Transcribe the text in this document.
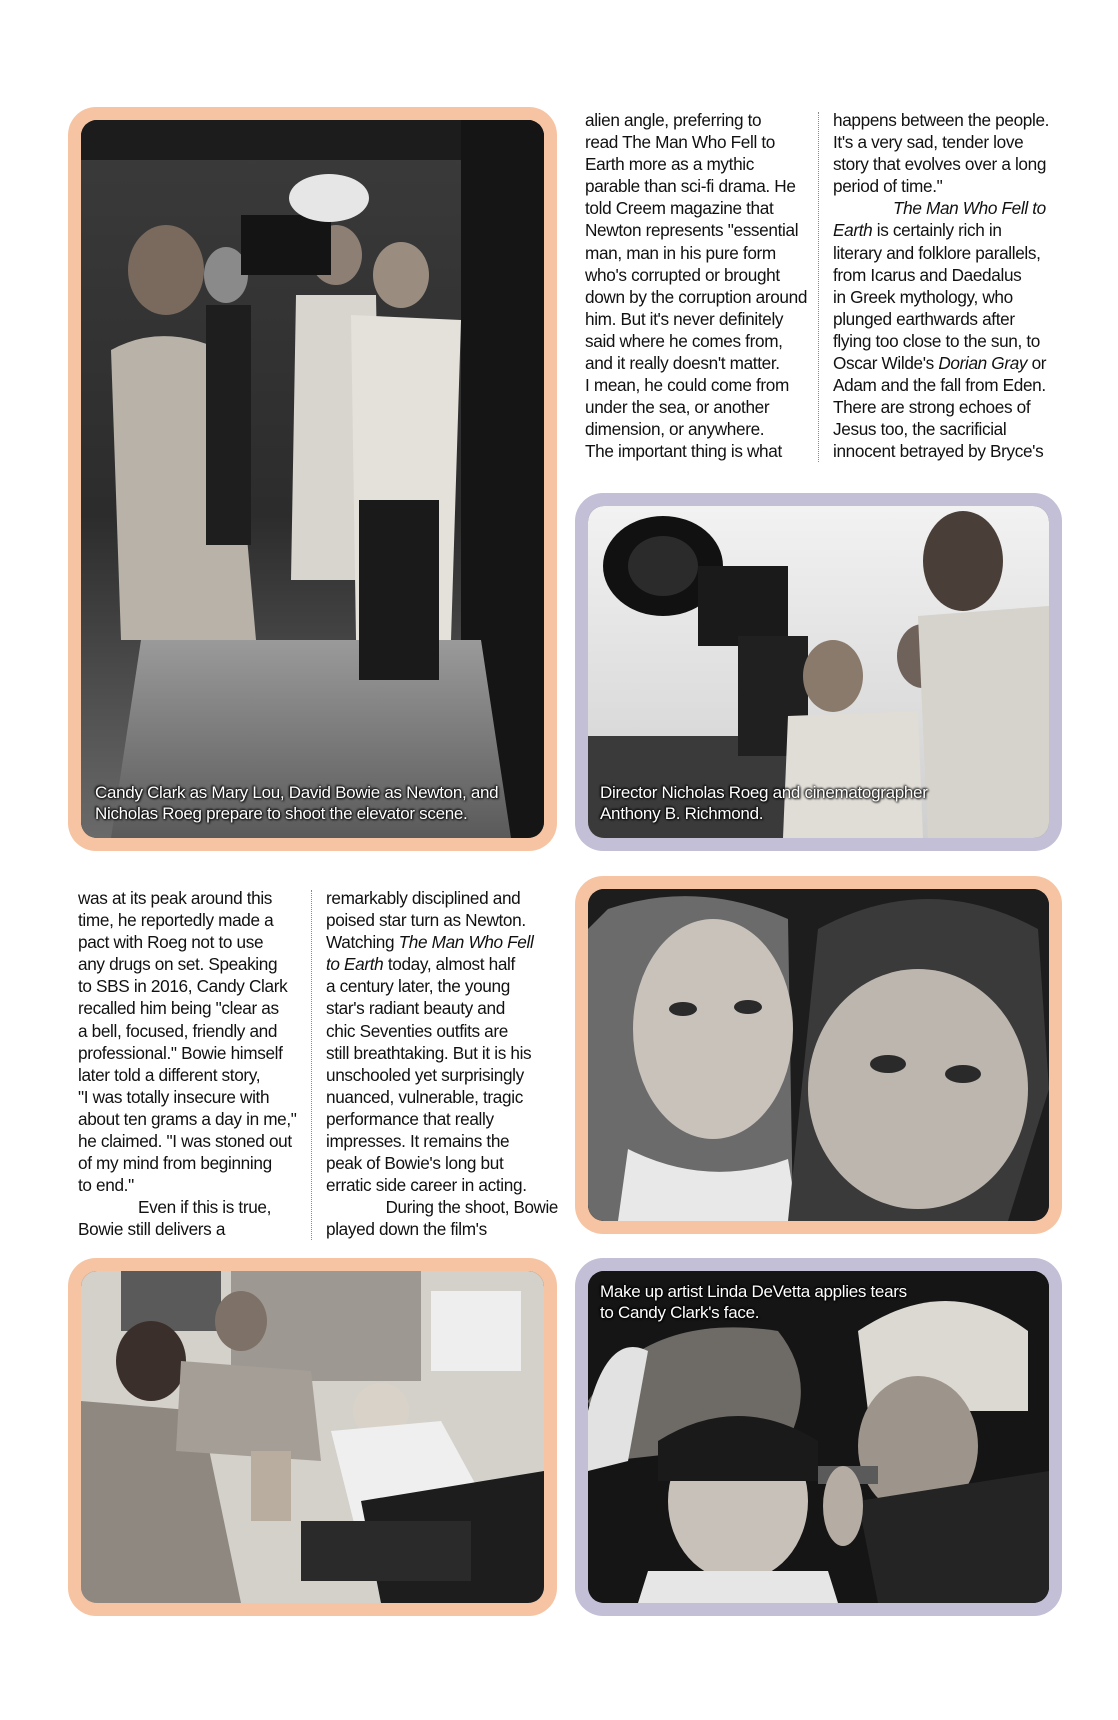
Candy Clark as Mary Lou, David Bowie as Newton, and
Nicholas Roeg prepare to shoot the elevator scene.
Director Nicholas Roeg and cinematographer
Anthony B. Richmond.
Make up artist Linda DeVetta applies tears
to Candy Clark's face.

alien angle, preferring to

read The Man Who Fell to

Earth more as a mythic

parable than sci-fi drama. He

told Creem magazine that

Newton represents "essential

man, man in his pure form

who's corrupted or brought

down by the corruption around

him. But it's never definitely

said where he comes from,

and it really doesn't matter.

I mean, he could come from

under the sea, or another

dimension, or anywhere.

The important thing is what

happens between the people.

It's a very sad, tender love

story that evolves over a long

period of time."

The Man Who Fell to

Earth is certainly rich in

literary and folklore parallels,

from Icarus and Daedalus

in Greek mythology, who

plunged earthwards after

flying too close to the sun, to

Oscar Wilde's Dorian Gray or

Adam and the fall from Eden.

There are strong echoes of

Jesus too, the sacrificial

innocent betrayed by Bryce's

was at its peak around this

time, he reportedly made a

pact with Roeg not to use

any drugs on set. Speaking

to SBS in 2016, Candy Clark

recalled him being "clear as

a bell, focused, friendly and

professional." Bowie himself

later told a different story,

"I was totally insecure with

about ten grams a day in me,"

he claimed. "I was stoned out

of my mind from beginning

to end."

Even if this is true,

Bowie still delivers a

remarkably disciplined and

poised star turn as Newton.

Watching The Man Who Fell

to Earth today, almost half

a century later, the young

star's radiant beauty and

chic Seventies outfits are

still breathtaking. But it is his

unschooled yet surprisingly

nuanced, vulnerable, tragic

performance that really

impresses. It remains the

peak of Bowie's long but

erratic side career in acting.

During the shoot, Bowie

played down the film's
